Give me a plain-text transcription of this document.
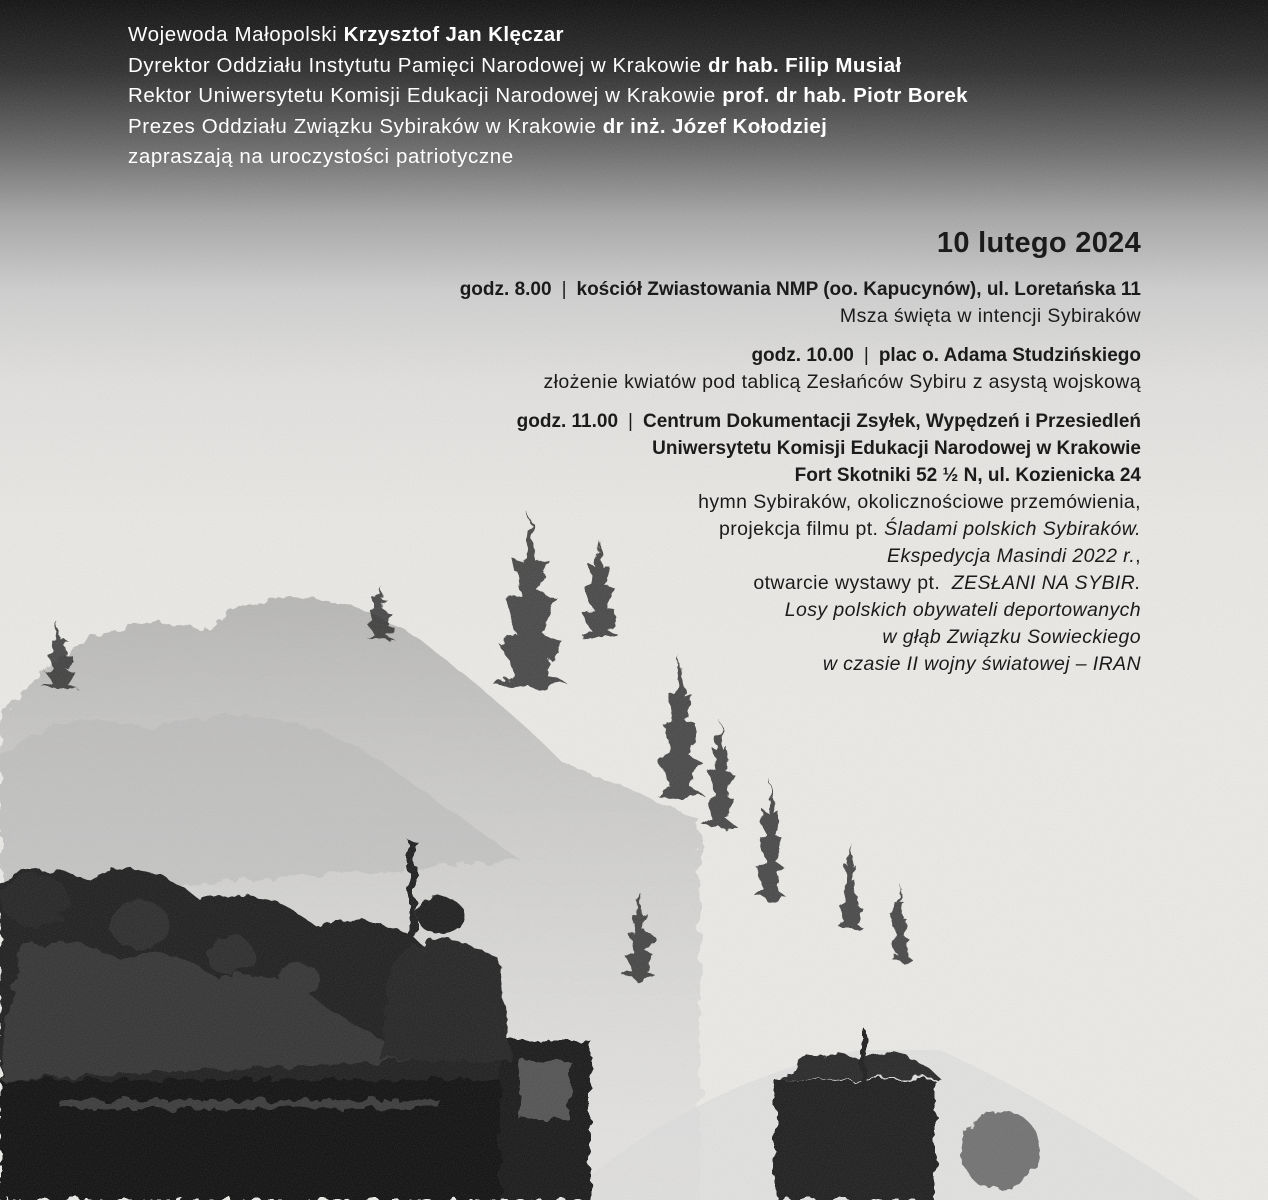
Wojewoda Małopolski Krzysztof Jan Klęczar
Dyrektor Oddziału Instytutu Pamięci Narodowej w Krakowie dr hab. Filip Musiał
Rektor Uniwersytetu Komisji Edukacji Narodowej w Krakowie prof. dr hab. Piotr Borek
Prezes Oddziału Związku Sybiraków w Krakowie dr inż. Józef Kołodziej
zapraszają na uroczystości patriotyczne
10 lutego 2024
godz. 8.00 | kościół Zwiastowania NMP (oo. Kapucynów), ul. Loretańska 11
Msza święta w intencji Sybiraków
godz. 10.00 | plac o. Adama Studzińskiego
złożenie kwiatów pod tablicą Zesłańców Sybiru z asystą wojskową
godz. 11.00 | Centrum Dokumentacji Zsyłek, Wypędzeń i Przesiedleń
Uniwersytetu Komisji Edukacji Narodowej w Krakowie
Fort Skotniki 52 ½ N, ul. Kozienicka 24
hymn Sybiraków, okolicznościowe przemówienia,
projekcja filmu pt. Śladami polskich Sybiraków.
Ekspedycja Masindi 2022 r.,
otwarcie wystawy pt.  ZESŁANI NA SYBIR.
Losy polskich obywateli deportowanych
w głąb Związku Sowieckiego
w czasie II wojny światowej – IRAN
